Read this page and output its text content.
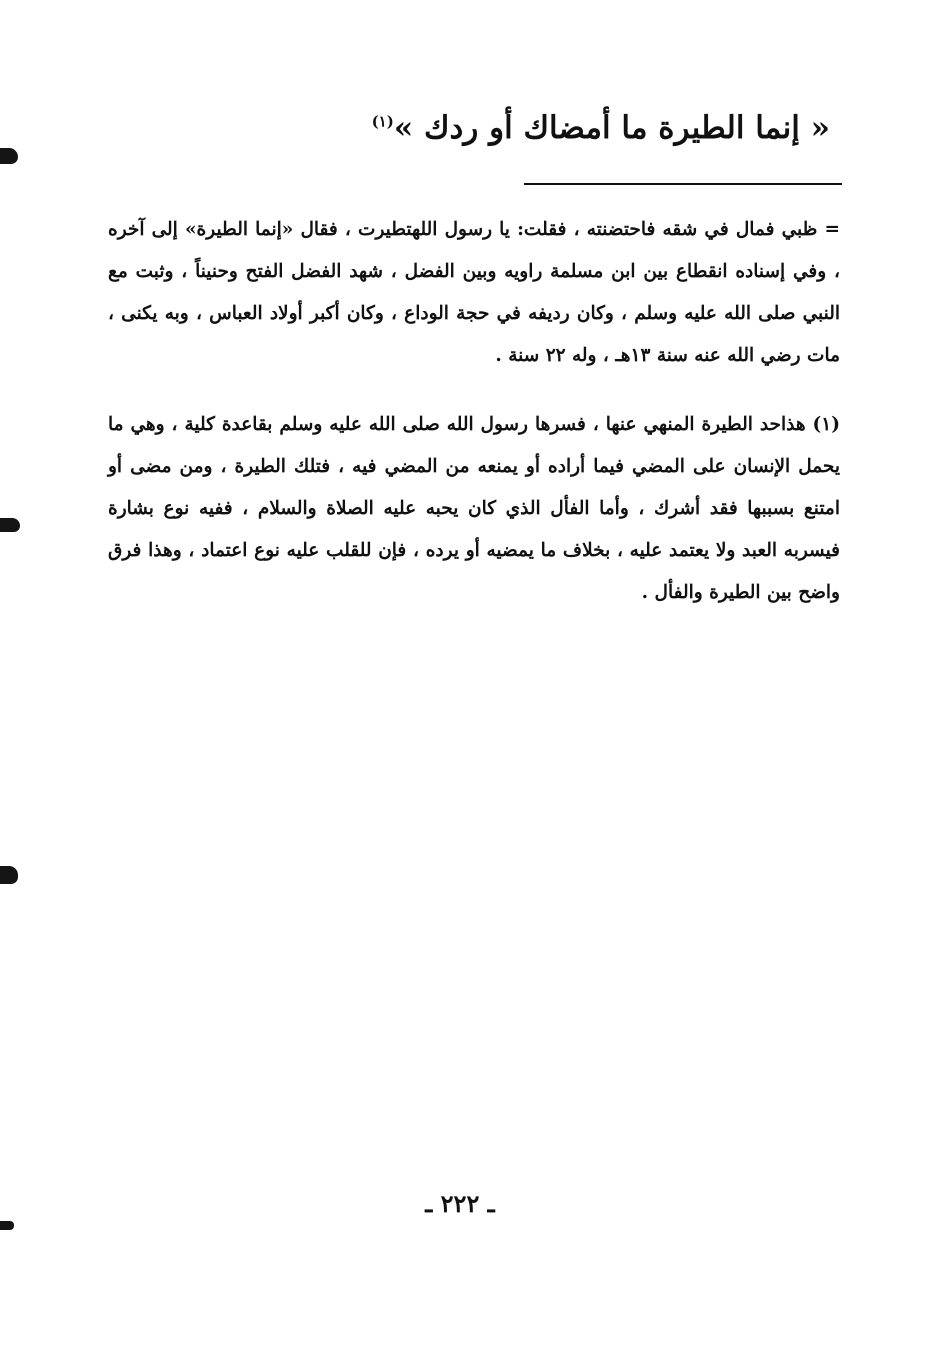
« إنما الطيرة ما أمضاك أو ردك »$^{(١)}$
= ظبي فمال في شقه فاحتضنته ، فقلت: يا رسول اللهتطيرت ، فقال «إنما الطيرة» إلى آخره ، وفي إسناده انقطاع بين ابن مسلمة راويه وبين الفضل ، شهد الفضل الفتح وحنيناً ، وثبت مع النبي صلى الله عليه وسلم ، وكان رديفه في حجة الوداع ، وكان أكبر أولاد العباس ، وبه يكنى ، مات رضي الله عنه سنة ١٣هـ ، وله ٢٢ سنة .
(١) هذاحد الطيرة المنهي عنها ، فسرها رسول الله صلى الله عليه وسلم بقاعدة كلية ، وهي ما يحمل الإنسان على المضي فيما أراده أو يمنعه من المضي فيه ، فتلك الطيرة ، ومن مضى أو امتنع بسببها فقد أشرك ، وأما الفأل الذي كان يحبه عليه الصلاة والسلام ، ففيه نوع بشارة فيسربه العبد ولا يعتمد عليه ، بخلاف ما يمضيه أو يرده ، فإن للقلب عليه نوع اعتماد ، وهذا فرق واضح بين الطيرة والفأل .
ـ ٢٢٢ ـ
